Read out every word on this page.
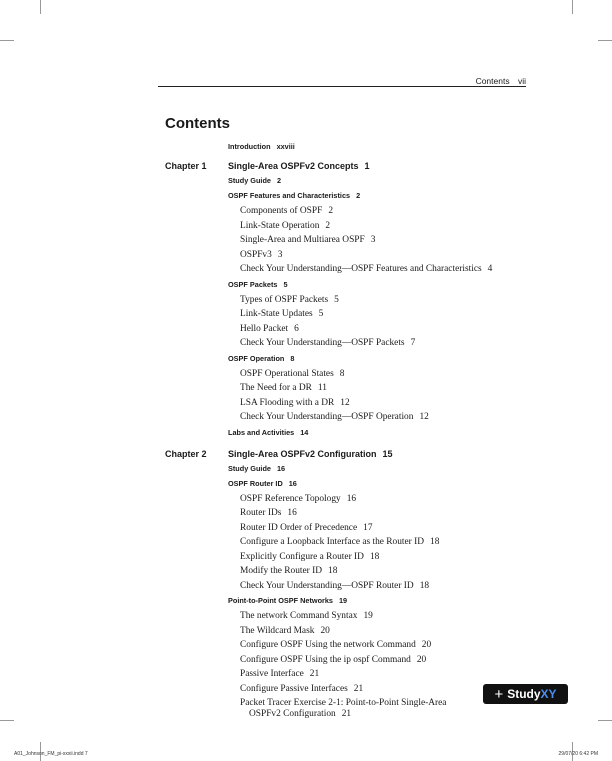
Contents vii
Contents
Introduction xxviii
Chapter 1 Single-Area OSPFv2 Concepts 1
Study Guide 2
OSPF Features and Characteristics 2
Components of OSPF 2
Link-State Operation 2
Single-Area and Multiarea OSPF 3
OSPFv3 3
Check Your Understanding—OSPF Features and Characteristics 4
OSPF Packets 5
Types of OSPF Packets 5
Link-State Updates 5
Hello Packet 6
Check Your Understanding—OSPF Packets 7
OSPF Operation 8
OSPF Operational States 8
The Need for a DR 11
LSA Flooding with a DR 12
Check Your Understanding—OSPF Operation 12
Labs and Activities 14
Chapter 2 Single-Area OSPFv2 Configuration 15
Study Guide 16
OSPF Router ID 16
OSPF Reference Topology 16
Router IDs 16
Router ID Order of Precedence 17
Configure a Loopback Interface as the Router ID 18
Explicitly Configure a Router ID 18
Modify the Router ID 18
Check Your Understanding—OSPF Router ID 18
Point-to-Point OSPF Networks 19
The network Command Syntax 19
The Wildcard Mask 20
Configure OSPF Using the network Command 20
Configure OSPF Using the ip ospf Command 20
Passive Interface 21
Configure Passive Interfaces 21
Packet Tracer Exercise 2-1: Point-to-Point Single-Area
OSPFv2 Configuration 21
+ Study XY
A01_Johnson_FM_pi-xxxii.indd 7	29/07/20 6:42 PM
